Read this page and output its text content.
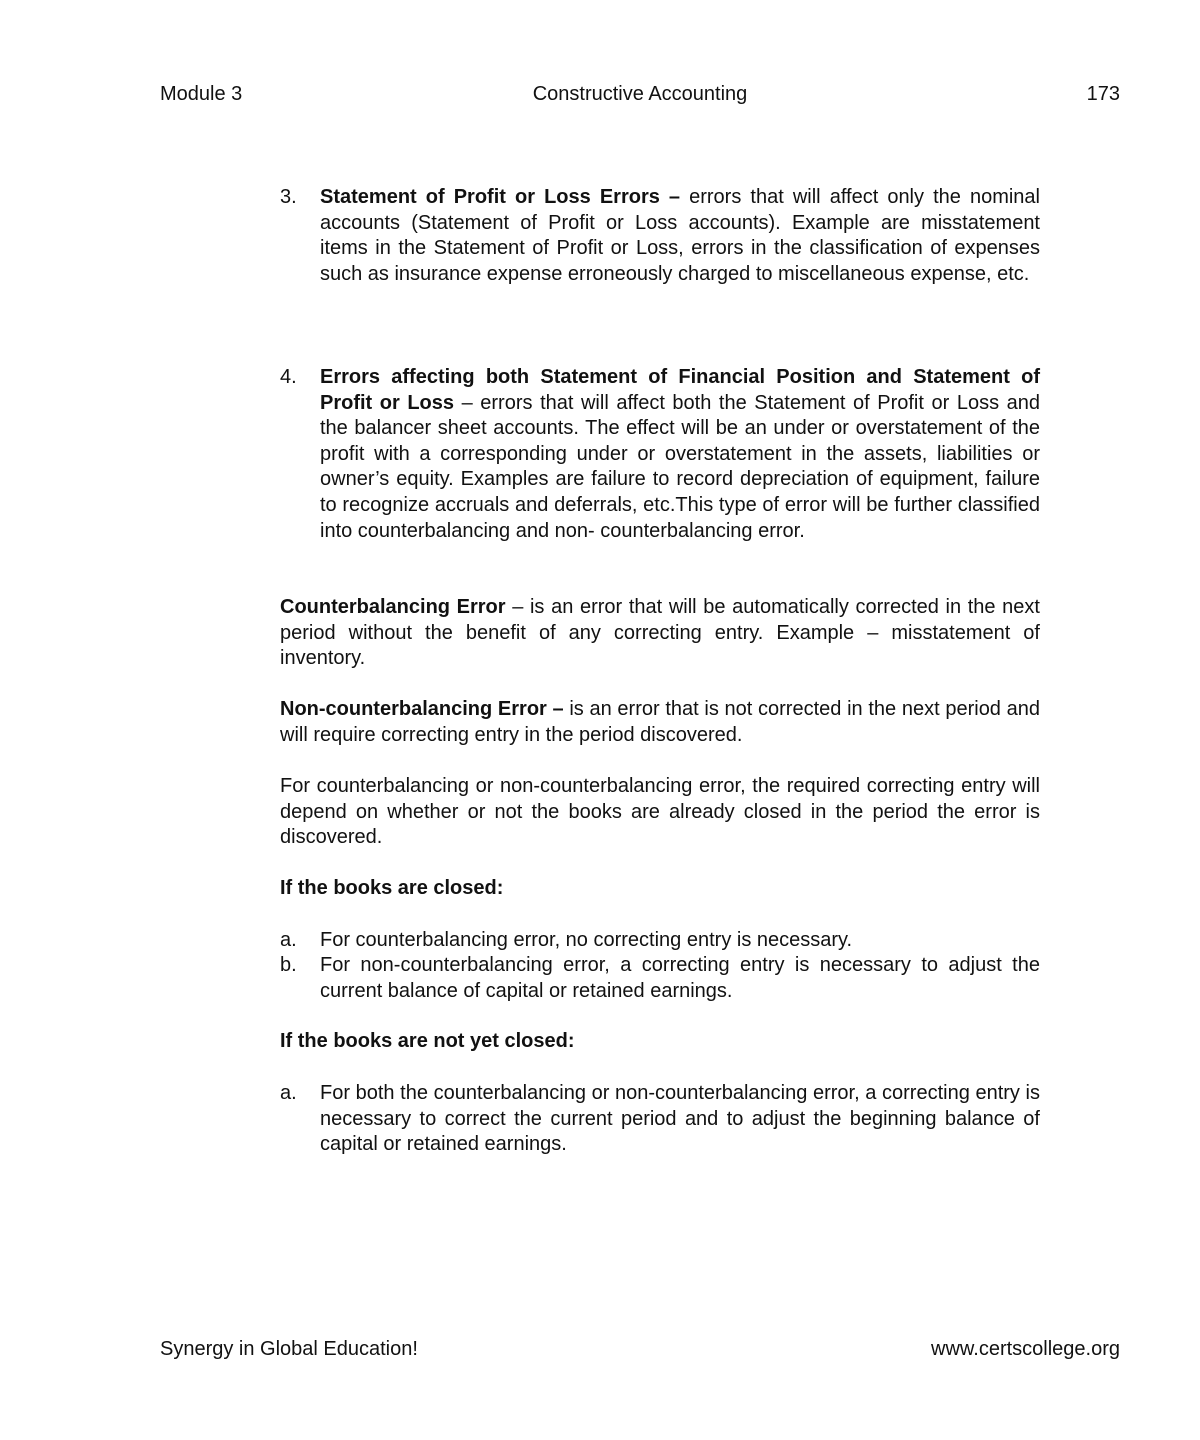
Module 3	Constructive Accounting	173
3. Statement of Profit or Loss Errors – errors that will affect only the nominal accounts (Statement of Profit or Loss accounts). Example are misstatement items in the Statement of Profit or Loss, errors in the classification of expenses such as insurance expense erroneously charged to miscellaneous expense, etc.
4. Errors affecting both Statement of Financial Position and Statement of Profit or Loss – errors that will affect both the Statement of Profit or Loss and the balancer sheet accounts. The effect will be an under or overstatement of the profit with a corresponding under or overstatement in the assets, liabilities or owner’s equity. Examples are failure to record depreciation of equipment, failure to recognize accruals and deferrals, etc.This type of error will be further classified into counterbalancing and non- counterbalancing error.
Counterbalancing Error – is an error that will be automatically corrected in the next period without the benefit of any correcting entry. Example – misstatement of inventory.
Non-counterbalancing Error – is an error that is not corrected in the next period and will require correcting entry in the period discovered.
For counterbalancing or non-counterbalancing error, the required correcting entry will depend on whether or not the books are already closed in the period the error is discovered.
If the books are closed:
a. For counterbalancing error, no correcting entry is necessary.
b. For non-counterbalancing error, a correcting entry is necessary to adjust the current balance of capital or retained earnings.
If the books are not yet closed:
a. For both the counterbalancing or non-counterbalancing error, a correcting entry is necessary to correct the current period and to adjust the beginning balance of capital or retained earnings.
Synergy in Global Education!	www.certscollege.org
